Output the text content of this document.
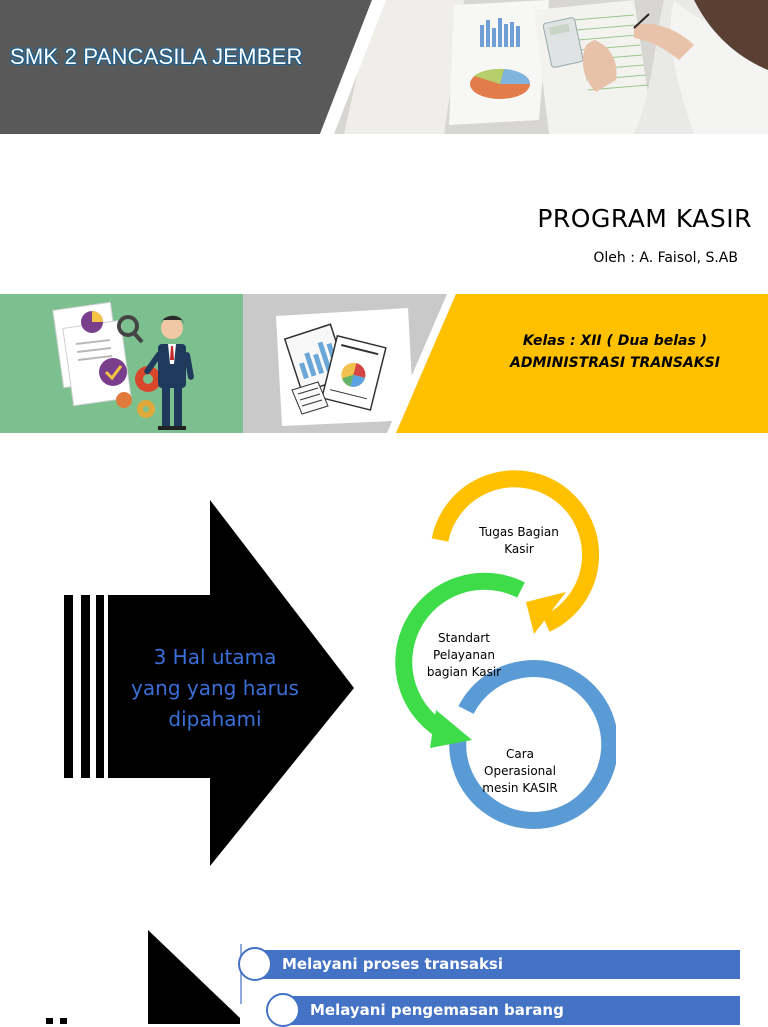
SMK 2 PANCASILA JEMBER
PROGRAM KASIR
Oleh : A. Faisol, S.AB
Kelas : XII ( Dua belas )
ADMINISTRASI TRANSAKSI
3 Hal utama
yang yang harus
dipahami
Tugas Bagian
Kasir
Standart
Pelayanan
bagian Kasir
Cara
Operasional
mesin KASIR
Melayani proses transaksi
Melayani pengemasan barang
